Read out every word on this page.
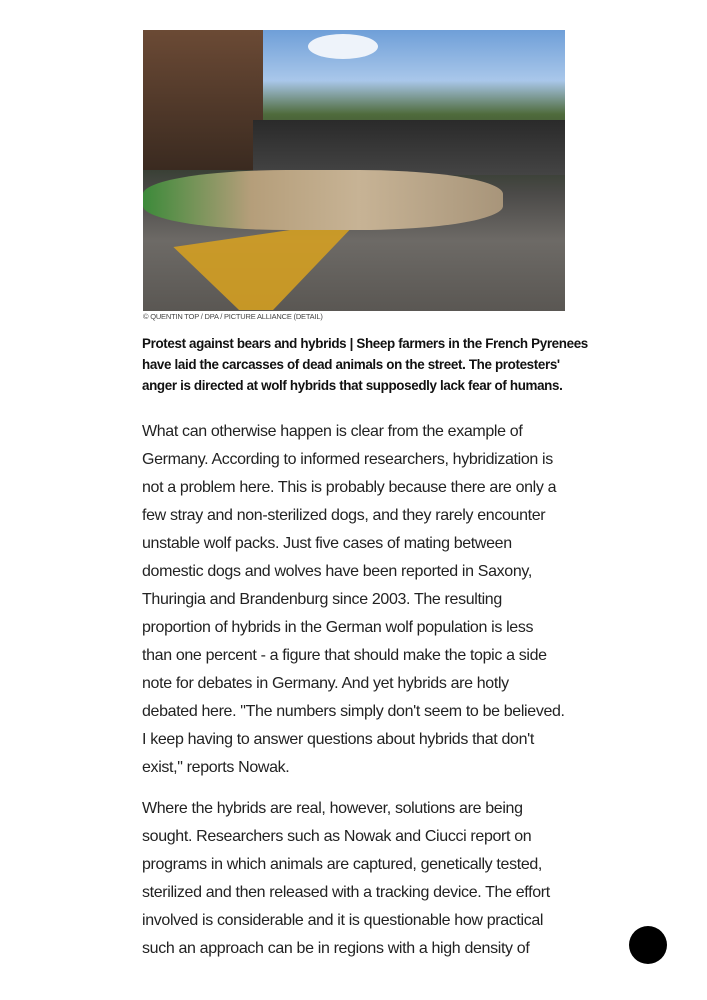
© QUENTIN TOP / DPA / PICTURE ALLIANCE (DETAIL)
Protest against bears and hybrids | Sheep farmers in the French Pyrenees
have laid the carcasses of dead animals on the street. The protesters'
anger is directed at wolf hybrids that supposedly lack fear of humans.
What can otherwise happen is clear from the example of
Germany. According to informed researchers, hybridization is
not a problem here. This is probably because there are only a
few stray and non-sterilized dogs, and they rarely encounter
unstable wolf packs. Just five cases of mating between
domestic dogs and wolves have been reported in Saxony,
Thuringia and Brandenburg since 2003. The resulting
proportion of hybrids in the German wolf population is less
than one percent - a figure that should make the topic a side
note for debates in Germany. And yet hybrids are hotly
debated here. "The numbers simply don't seem to be believed.
I keep having to answer questions about hybrids that don't
exist," reports Nowak.
Where the hybrids are real, however, solutions are being
sought. Researchers such as Nowak and Ciucci report on
programs in which animals are captured, genetically tested,
sterilized and then released with a tracking device. The effort
involved is considerable and it is questionable how practical
such an approach can be in regions with a high density of
